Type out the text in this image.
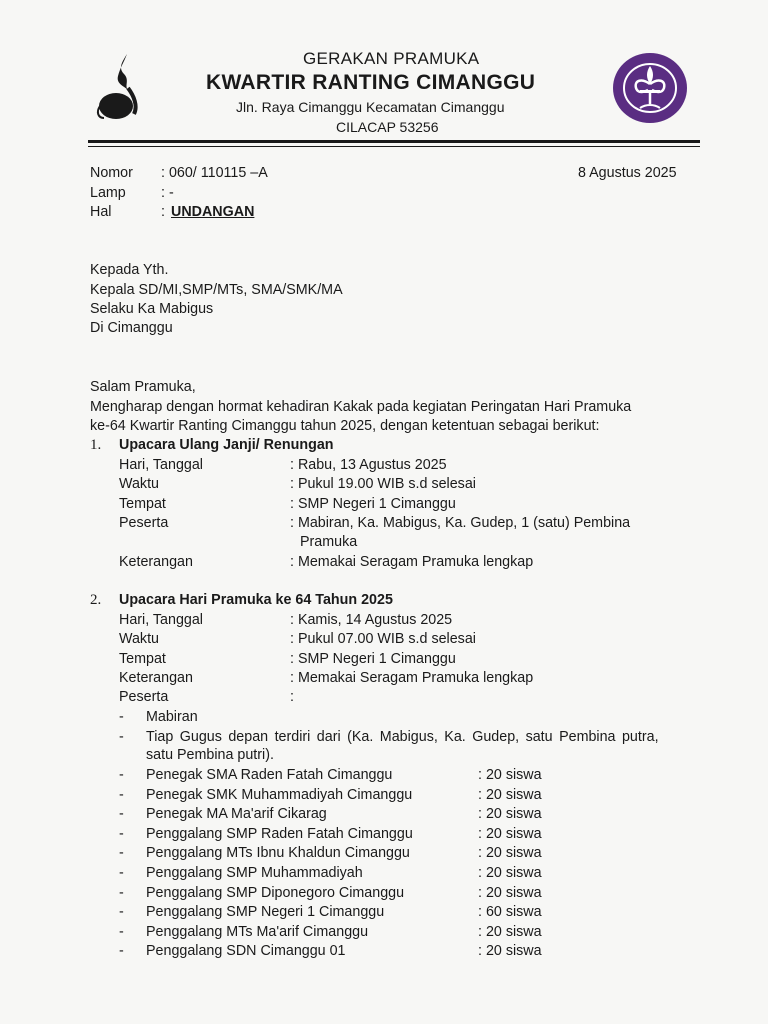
GERAKAN PRAMUKA
KWARTIR RANTING CIMANGGU
Jln. Raya Cimanggu Kecamatan Cimanggu
CILACAP 53256
Nomor : 060/ 110115 –A	8 Agustus 2025
Lamp : -
Hal	: UNDANGAN
Kepada Yth.
Kepala SD/MI,SMP/MTs, SMA/SMK/MA
Selaku Ka Mabigus
Di Cimanggu
Salam Pramuka,
Mengharap dengan hormat kehadiran Kakak pada kegiatan Peringatan Hari Pramuka
ke-64 Kwartir Ranting Cimanggu tahun 2025, dengan ketentuan sebagai berikut:
1. Upacara Ulang Janji/ Renungan
Hari, Tanggal	: Rabu, 13 Agustus 2025
Waktu	: Pukul 19.00 WIB s.d selesai
Tempat	: SMP Negeri 1 Cimanggu
Peserta	: Mabiran, Ka. Mabigus, Ka. Gudep, 1 (satu) Pembina
Pramuka
Keterangan	: Memakai Seragam Pramuka lengkap
2. Upacara Hari Pramuka ke 64 Tahun 2025
Hari, Tanggal	: Kamis, 14 Agustus 2025
Waktu	: Pukul 07.00 WIB s.d selesai
Tempat	: SMP Negeri 1 Cimanggu
Keterangan	: Memakai Seragam Pramuka lengkap
Peserta	:
- Mabiran
- Tiap Gugus depan terdiri dari (Ka. Mabigus, Ka. Gudep, satu Pembina putra,
satu Pembina putri).
- Penegak SMA Raden Fatah Cimanggu	: 20 siswa
- Penegak SMK Muhammadiyah Cimanggu	: 20 siswa
- Penegak MA Ma'arif Cikarag	: 20 siswa
- Penggalang SMP Raden Fatah Cimanggu	: 20 siswa
- Penggalang MTs Ibnu Khaldun Cimanggu	: 20 siswa
- Penggalang SMP Muhammadiyah	: 20 siswa
- Penggalang SMP Diponegoro Cimanggu	: 20 siswa
- Penggalang SMP Negeri 1 Cimanggu	: 60 siswa
- Penggalang MTs Ma'arif Cimanggu	: 20 siswa
- Penggalang SDN Cimanggu 01	: 20 siswa
